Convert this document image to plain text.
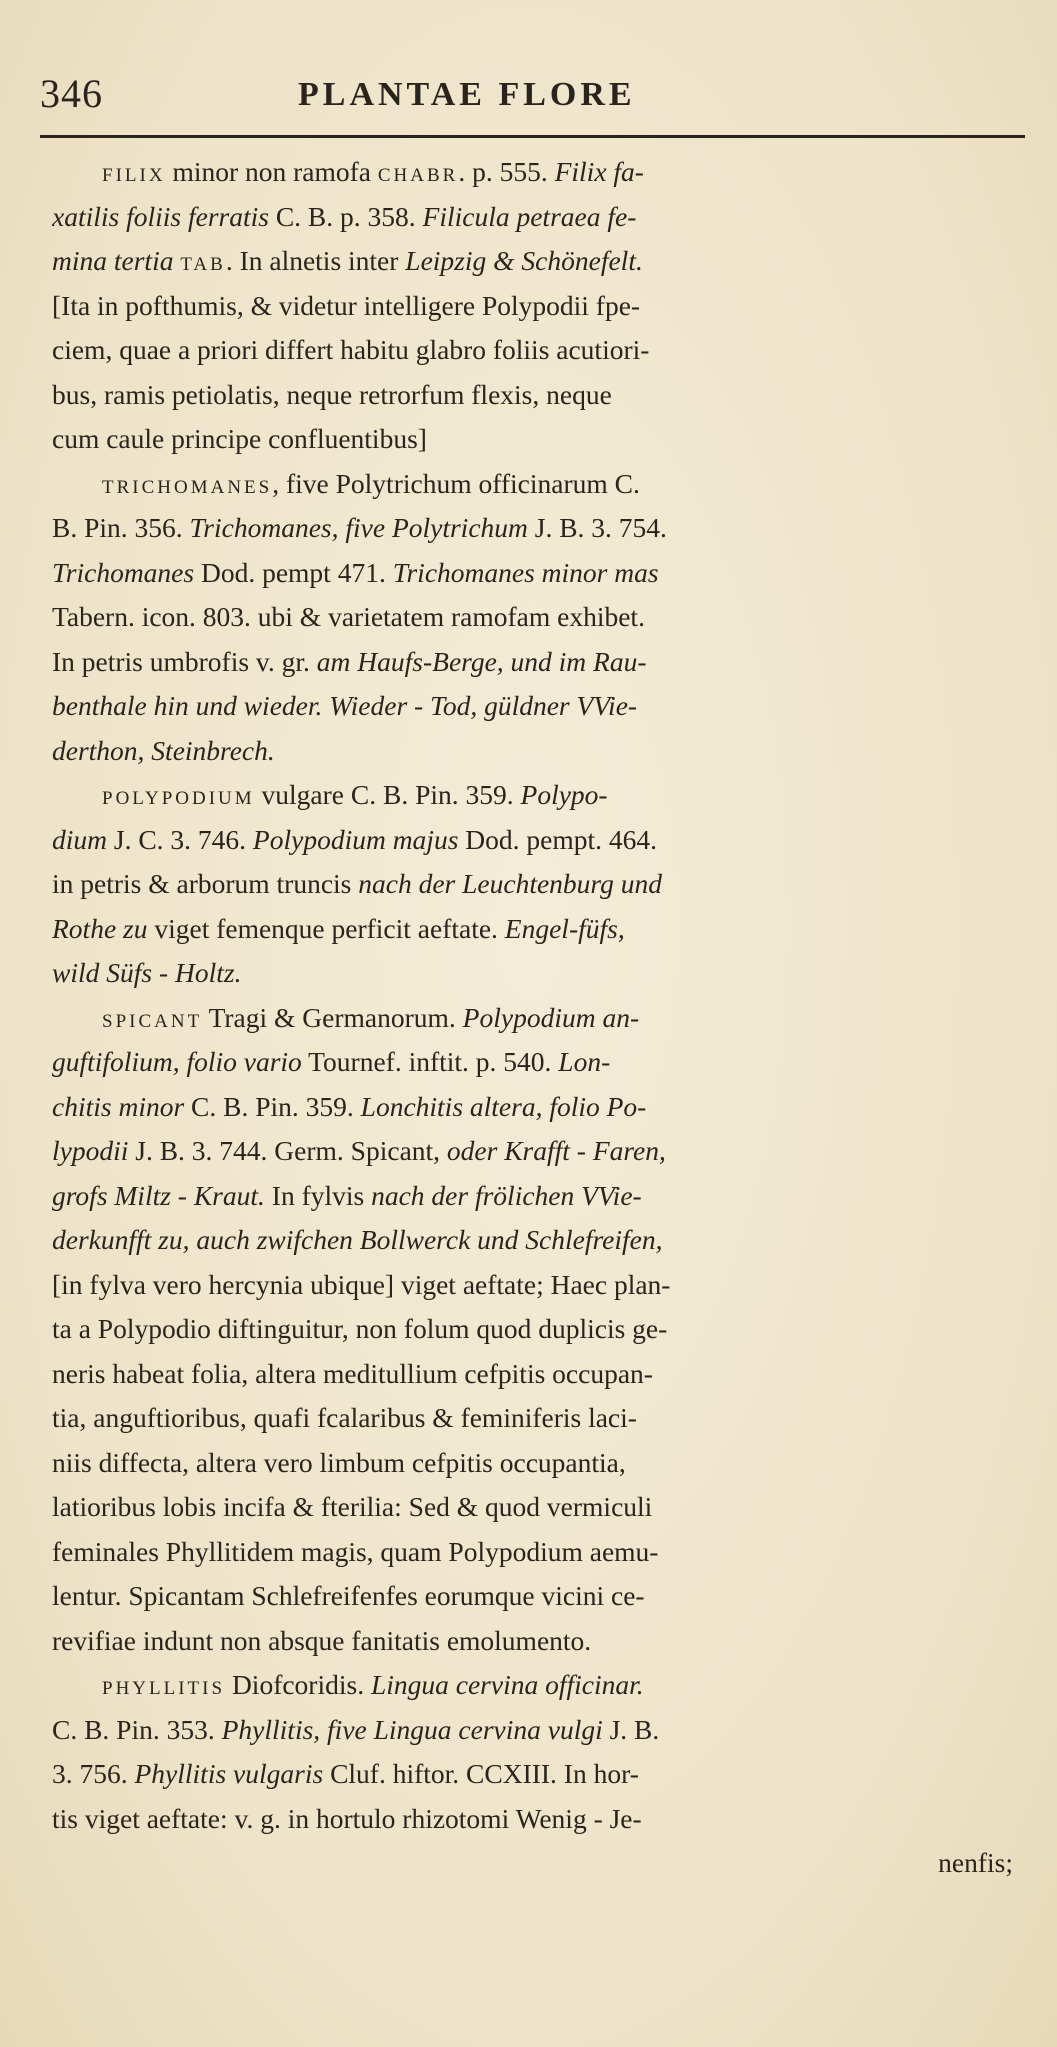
346	PLANTAE FLORE
filix minor non ramofa chabr. p. 555. Filix fa-
xatilis foliis ferratis C. B. p. 358. Filicula petraea fe-
mina tertia tab. In alnetis inter Leipzig & Schönefelt.
[Ita in pofthumis, & videtur intelligere Polypodii fpe-
ciem, quae a priori differt habitu glabro foliis acutiori-
bus, ramis petiolatis, neque retrorfum flexis, neque
cum caule principe confluentibus]
trichomanes, five Polytrichum officinarum C.
B. Pin. 356. Trichomanes, five Polytrichum J. B. 3. 754.
Trichomanes Dod. pempt 471. Trichomanes minor mas
Tabern. icon. 803. ubi & varietatem ramofam exhibet.
In petris umbrofis v. gr. am Haufs-Berge, und im Rau-
benthale hin und wieder. Wieder - Tod, güldner VVie-
derthon, Steinbrech.
polypodium vulgare C. B. Pin. 359. Polypo-
dium J. C. 3. 746. Polypodium majus Dod. pempt. 464.
in petris & arborum truncis nach der Leuchtenburg und
Rothe zu viget femenque perficit aeftate. Engel-füfs,
wild Süfs - Holtz.
spicant Tragi & Germanorum. Polypodium an-
guftifolium, folio vario Tournef. inftit. p. 540. Lon-
chitis minor C. B. Pin. 359. Lonchitis altera, folio Po-
lypodii J. B. 3. 744. Germ. Spicant, oder Krafft - Faren,
grofs Miltz - Kraut. In fylvis nach der frölichen VVie-
derkunfft zu, auch zwifchen Bollwerck und Schlefreifen,
[in fylva vero hercynia ubique] viget aeftate; Haec plan-
ta a Polypodio diftinguitur, non folum quod duplicis ge-
neris habeat folia, altera meditullium cefpitis occupan-
tia, anguftioribus, quafi fcalaribus & feminiferis laci-
niis diffecta, altera vero limbum cefpitis occupantia,
latioribus lobis incifa & fterilia: Sed & quod vermiculi
feminales Phyllitidem magis, quam Polypodium aemu-
lentur. Spicantam Schlefreifenfes eorumque vicini ce-
revifiae indunt non absque fanitatis emolumento.
phyllitis Diofcoridis. Lingua cervina officinar.
C. B. Pin. 353. Phyllitis, five Lingua cervina vulgi J. B.
3. 756. Phyllitis vulgaris Cluf. hiftor. CCXIII. In hor-
tis viget aeftate: v. g. in hortulo rhizotomi Wenig - Je-
nenfis;
